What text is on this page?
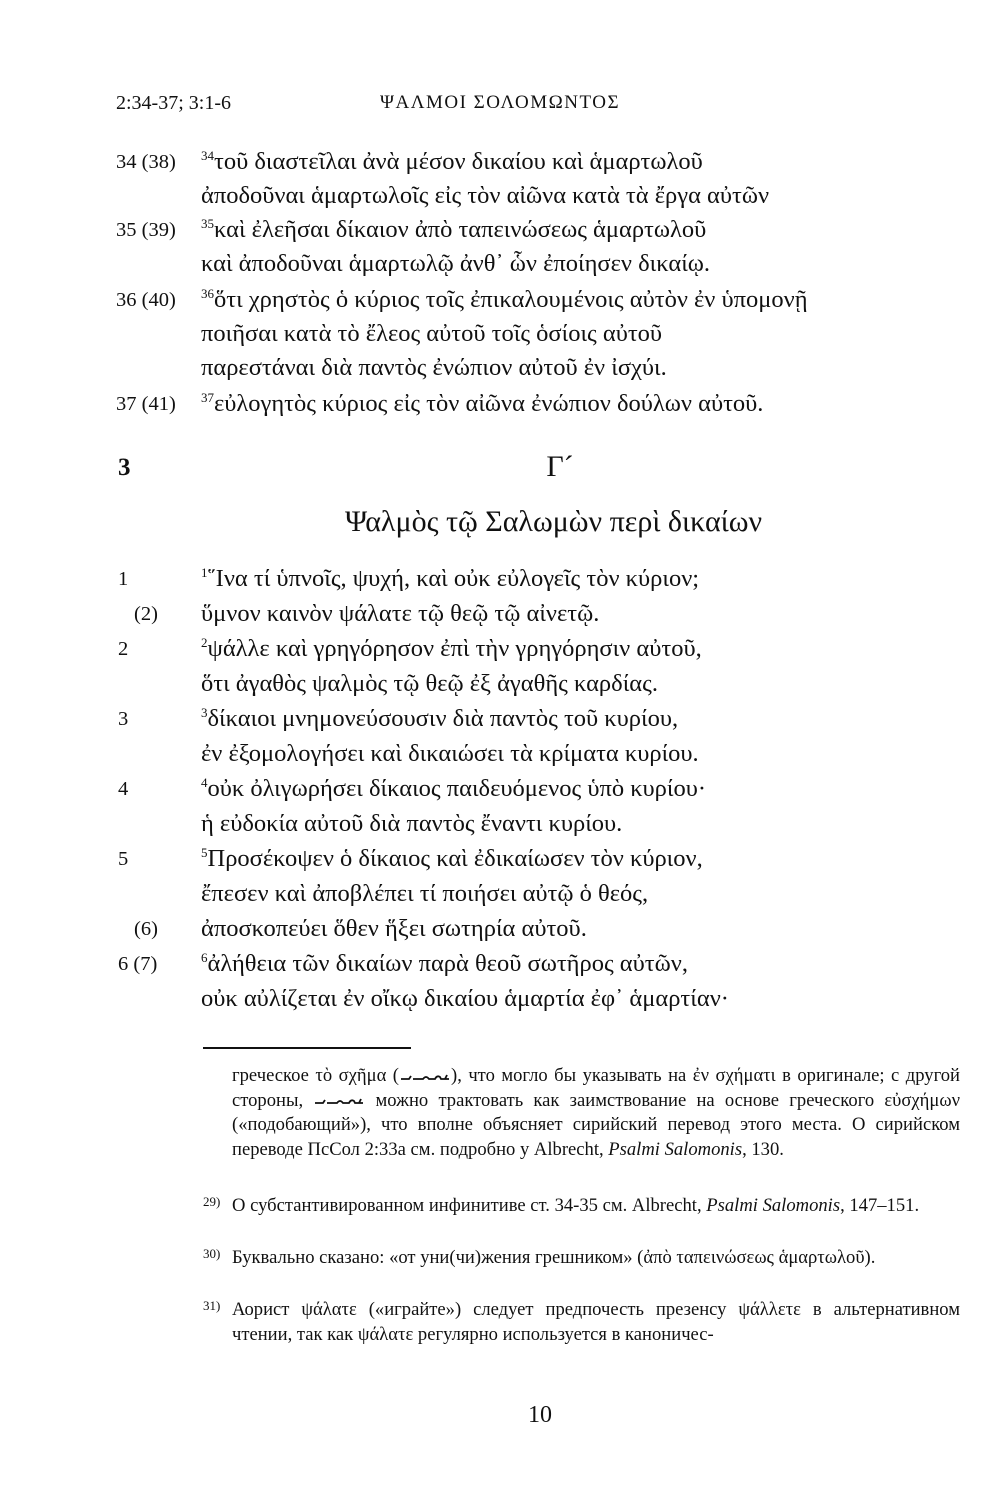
2:34-37; 3:1-6	ΨΑΛΜΟΙ ΣΟΛΟΜΩΝΤΟΣ
34 (38) $^{34}$τοῦ διαστεῖλαι ἀνὰ μέσον δικαίου καὶ ἁμαρτωλοῦ
ἀποδοῦναι ἁμαρτωλοῖς εἰς τὸν αἰῶνα κατὰ τὰ ἔργα αὐτῶν
35 (39) $^{35}$καὶ ἐλεῆσαι δίκαιον ἀπὸ ταπεινώσεως ἁμαρτωλοῦ
καὶ ἀποδοῦναι ἁμαρτωλῷ ἀνθ᾽ ὧν ἐποίησεν δικαίῳ.
36 (40) $^{36}$ὅτι χρηστὸς ὁ κύριος τοῖς ἐπικαλουμένοις αὐτὸν ἐν ὑπομονῇ
ποιῆσαι κατὰ τὸ ἔλεος αὐτοῦ τοῖς ὁσίοις αὐτοῦ
παρεστάναι διὰ παντὸς ἐνώπιον αὐτοῦ ἐν ἰσχύι.
37 (41) $^{37}$εὐλογητὸς κύριος εἰς τὸν αἰῶνα ἐνώπιον δούλων αὐτοῦ.
3	Γ´
Ψαλμὸς τῷ Σαλωμὼν περὶ δικαίων
1	$^1$῞Ινα τί ὑπνοῖς, ψυχή, καὶ οὐκ εὐλογεῖς τὸν κύριον;
(2) ὕμνον καινὸν ψάλατε τῷ θεῷ τῷ αἰνετῷ.
2	$^2$ψάλλε καὶ γρηγόρησον ἐπὶ τὴν γρηγόρησιν αὐτοῦ,
ὅτι ἀγαθὸς ψαλμὸς τῷ θεῷ ἐξ ἀγαθῆς καρδίας.
3	$^3$δίκαιοι μνημονεύσουσιν διὰ παντὸς τοῦ κυρίου,
ἐν ἐξομολογήσει καὶ δικαιώσει τὰ κρίματα κυρίου.
4	$^4$οὐκ ὀλιγωρήσει δίκαιος παιδευόμενος ὑπὸ κυρίου·
ἡ εὐδοκία αὐτοῦ διὰ παντὸς ἔναντι κυρίου.
5	$^5$Προσέκοψεν ὁ δίκαιος καὶ ἐδικαίωσεν τὸν κύριον,
ἔπεσεν καὶ ἀποβλέπει τί ποιήσει αὐτῷ ὁ θεός,
(6) ἀποσκοπεύει ὅθεν ἥξει σωτηρία αὐτοῦ.
6 (7)	$^6$ἀλήθεια τῶν δικαίων παρὰ θεοῦ σωτῆρος αὐτῶν,
οὐκ αὐλίζεται ἐν οἴκῳ δικαίου ἁμαρτία ἐφ᾽ ἁμαρτίαν·
греческое τὸ σχῆμα (	), что могло бы указывать на ἐν σχήματι в оригинале; с другой стороны,	можно трактовать как заимствование на основе греческого εὐσχήμων («подобающий»), что вполне объясняет сирийский перевод этого места. О сирийском переводе ПсСол 2:33a см. подробно у Albrecht, Psalmi Salomonis, 130.
29) О субстантивированном инфинитиве ст. 34-35 см. Albrecht, Psalmi Salomonis, 147–151.
30) Буквально сказано: «от уни(чи)жения грешником» (ἀπὸ ταπεινώσεως ἁμαρτωλοῦ).
31) Аорист ψάλατε («играйте») следует предпочесть презенсу ψάλλετε в альтернативном чтении, так как ψάλατε регулярно используется в каноничес-
10
